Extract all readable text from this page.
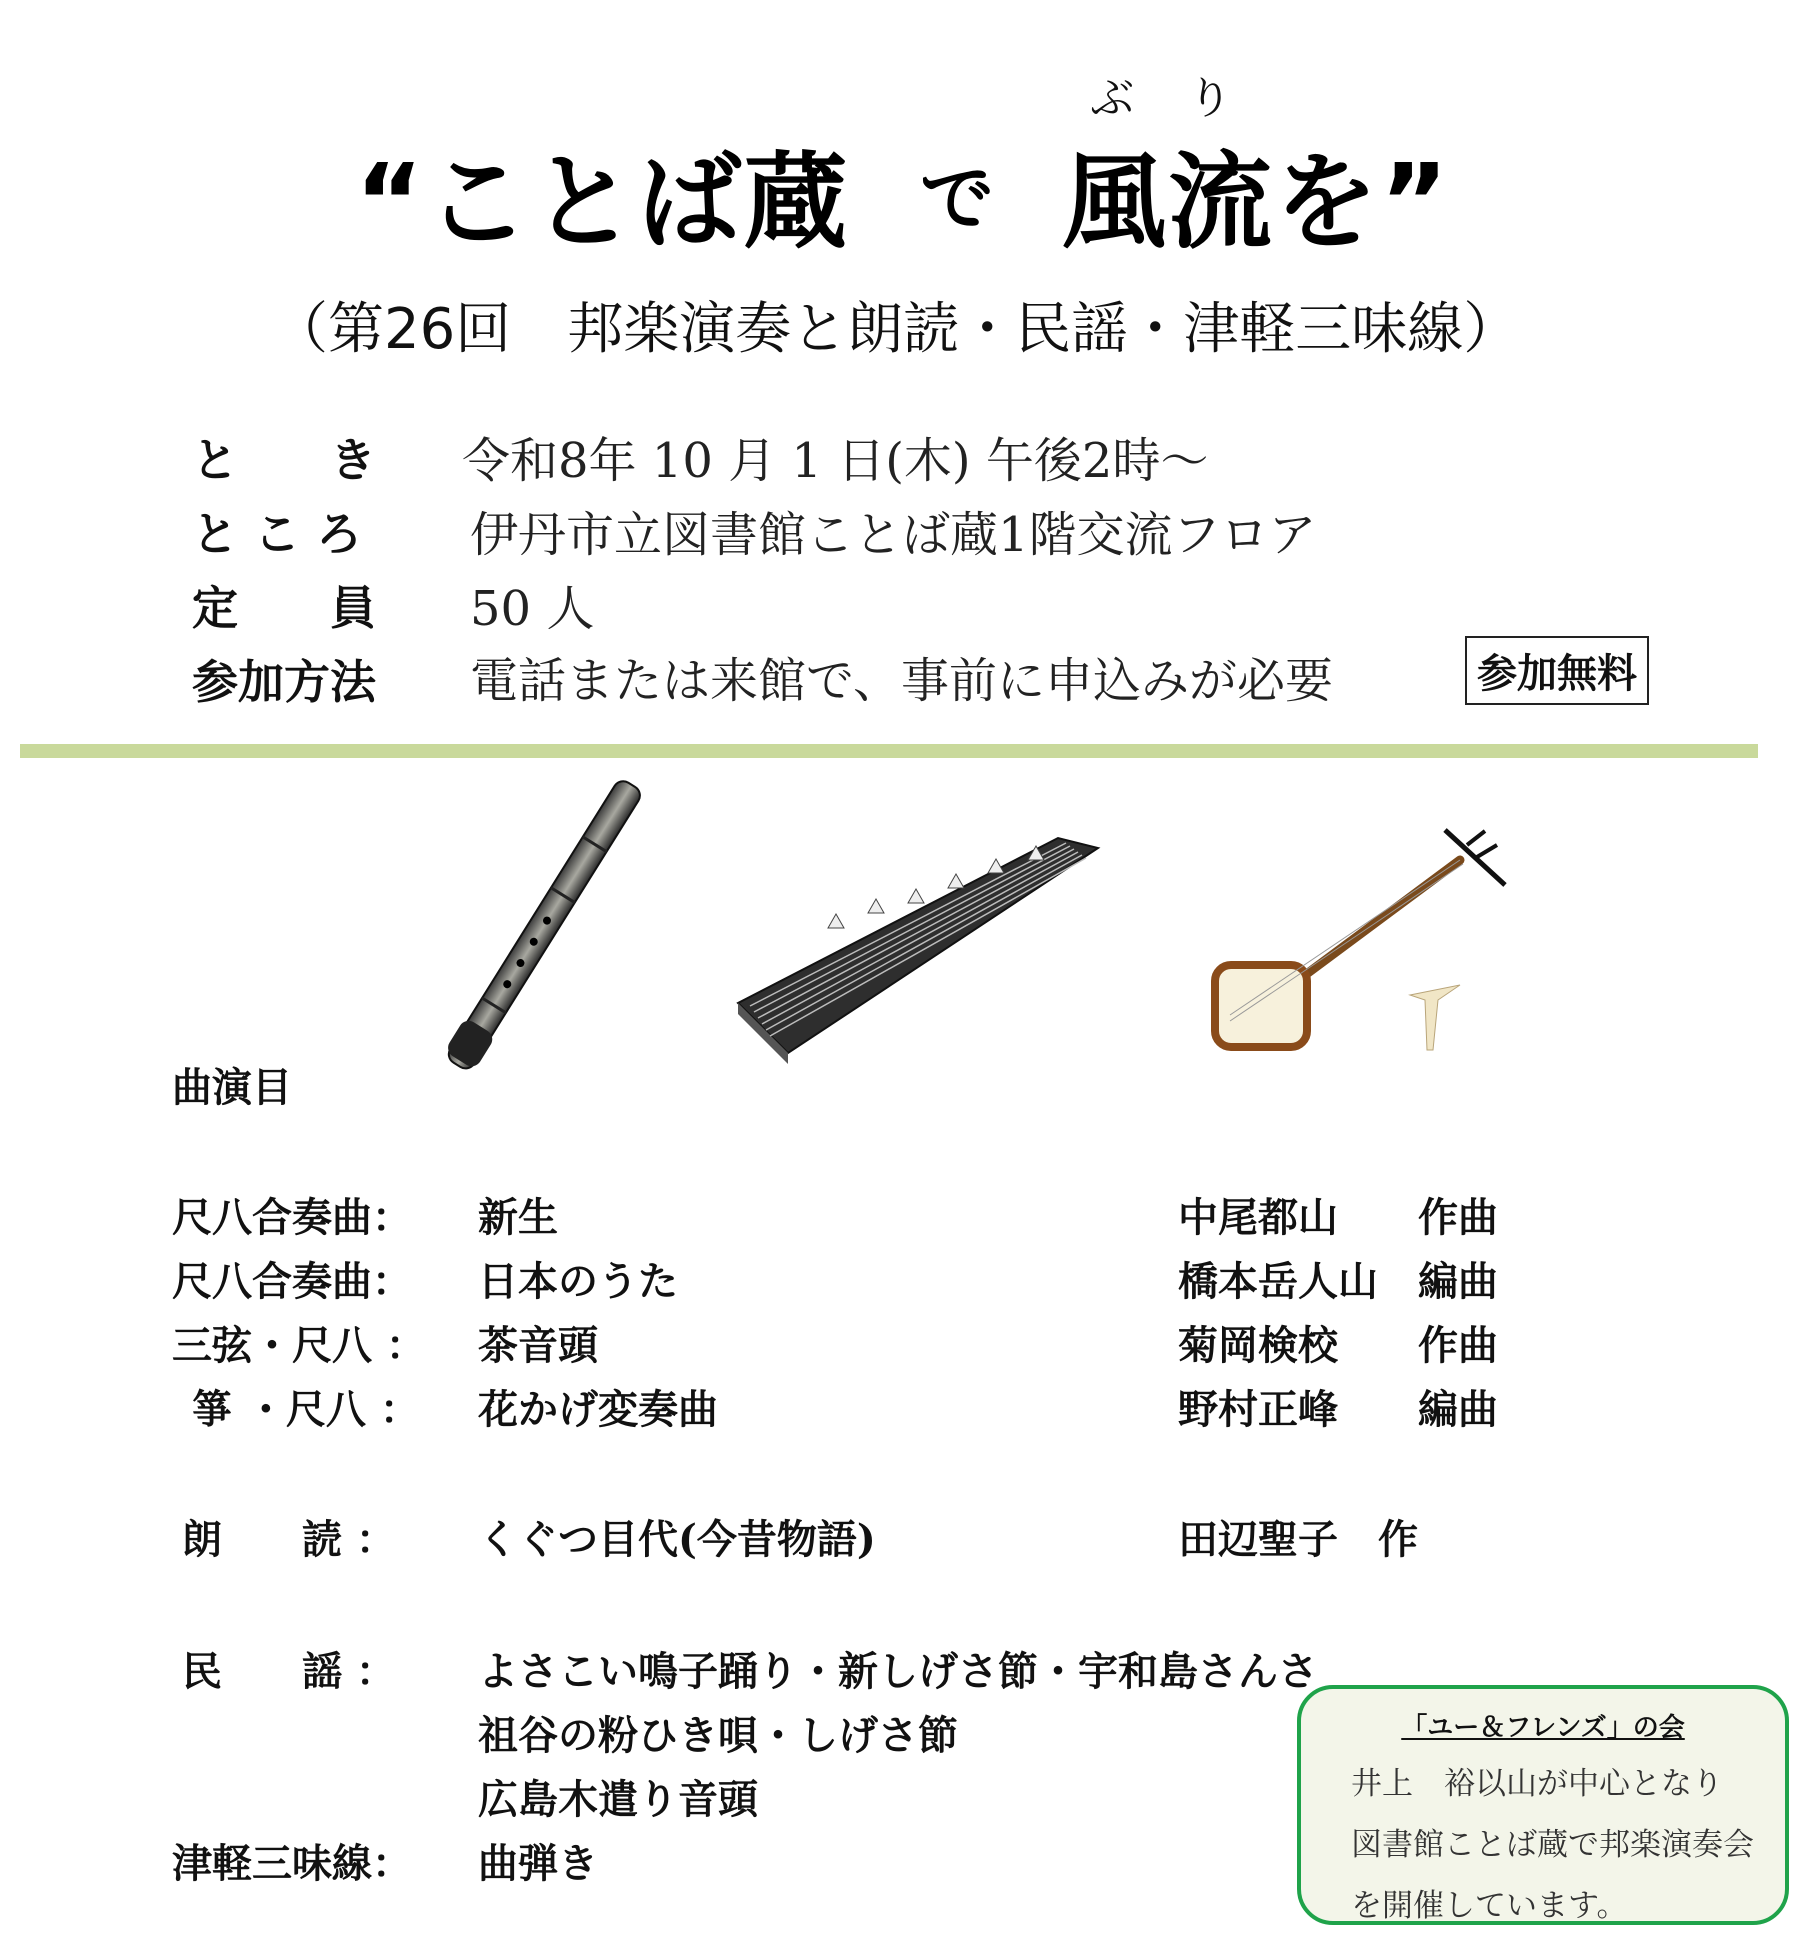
ぶ り
“ことば蔵 で 風流を”
（第26回　邦楽演奏と朗読・民謡・津軽三味線）
と　　き 令和8年 10 月 1 日(木) 午後2時～
と こ ろ 伊丹市立図書館ことば蔵1階交流フロア
定　　員 50 人
参加方法 電話または来館で、事前に申込みが必要	参加無料
曲演目
尺八合奏曲： 新生	中尾都山　　作曲
尺八合奏曲： 日本のうた	橋本岳人山　編曲
三弦・尺八 ： 茶音頭	菊岡検校　　作曲
箏 ・尺八 ： 花かげ変奏曲	野村正峰　　編曲
朗　　読 ： くぐつ目代(今昔物語)	田辺聖子　作
民　　謡 ： よさこい鳴子踊り・新しげさ節・宇和島さんさ
祖谷の粉ひき唄・しげさ節
広島木遣り音頭
津軽三味線： 曲弾き
「ユー＆フレンズ」の会
井上　裕以山が中心となり
図書館ことば蔵で邦楽演奏会
を開催しています。
